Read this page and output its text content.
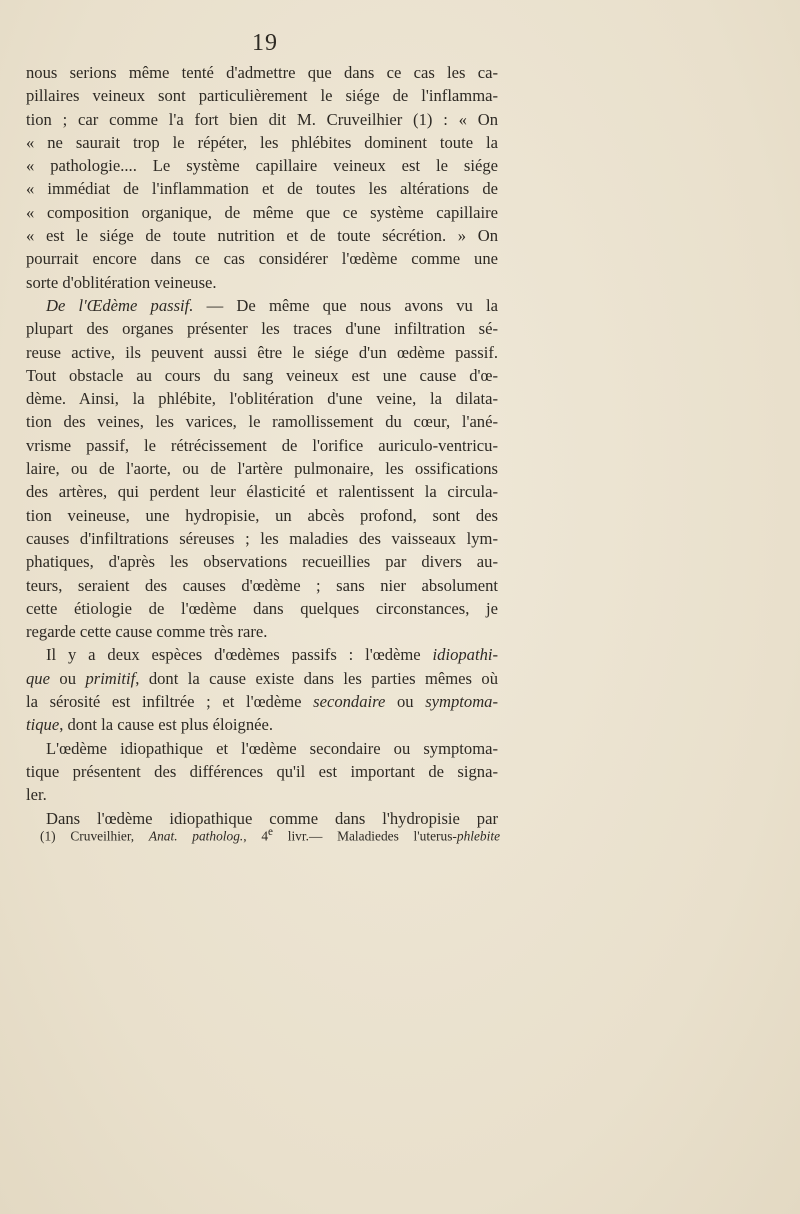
19
nous serions même tenté d'admettre que dans ce cas les ca-
pillaires veineux sont particulièrement le siége de l'inflamma-
tion ; car comme l'a fort bien dit M. Cruveilhier (1) : « On
« ne saurait trop le répéter, les phlébites dominent toute la
« pathologie.... Le système capillaire veineux est le siége
« immédiat de l'inflammation et de toutes les altérations de
« composition organique, de même que ce système capillaire
« est le siége de toute nutrition et de toute sécrétion. » On
pourrait encore dans ce cas considérer l'œdème comme une
sorte d'oblitération veineuse.
De l'Œdème passif. — De même que nous avons vu la
plupart des organes présenter les traces d'une infiltration sé-
reuse active, ils peuvent aussi être le siége d'un œdème passif.
Tout obstacle au cours du sang veineux est une cause d'œ-
dème. Ainsi, la phlébite, l'oblitération d'une veine, la dilata-
tion des veines, les varices, le ramollissement du cœur, l'ané-
vrisme passif, le rétrécissement de l'orifice auriculo-ventricu-
laire, ou de l'aorte, ou de l'artère pulmonaire, les ossifications
des artères, qui perdent leur élasticité et ralentissent la circula-
tion veineuse, une hydropisie, un abcès profond, sont des
causes d'infiltrations séreuses ; les maladies des vaisseaux lym-
phatiques, d'après les observations recueillies par divers au-
teurs, seraient des causes d'œdème ; sans nier absolument
cette étiologie de l'œdème dans quelques circonstances, je
regarde cette cause comme très rare.
Il y a deux espèces d'œdèmes passifs : l'œdème idiopathi-
que ou primitif, dont la cause existe dans les parties mêmes où
la sérosité est infiltrée ; et l'œdème secondaire ou symptoma-
tique, dont la cause est plus éloignée.
L'œdème idiopathique et l'œdème secondaire ou symptoma-
tique présentent des différences qu'il est important de signa-
ler.
Dans l'œdème idiopathique comme dans l'hydropisie par
(1) Cruveilhier, Anat. patholog., 4e livr.— Maladiedes l'uterus-phlebite
